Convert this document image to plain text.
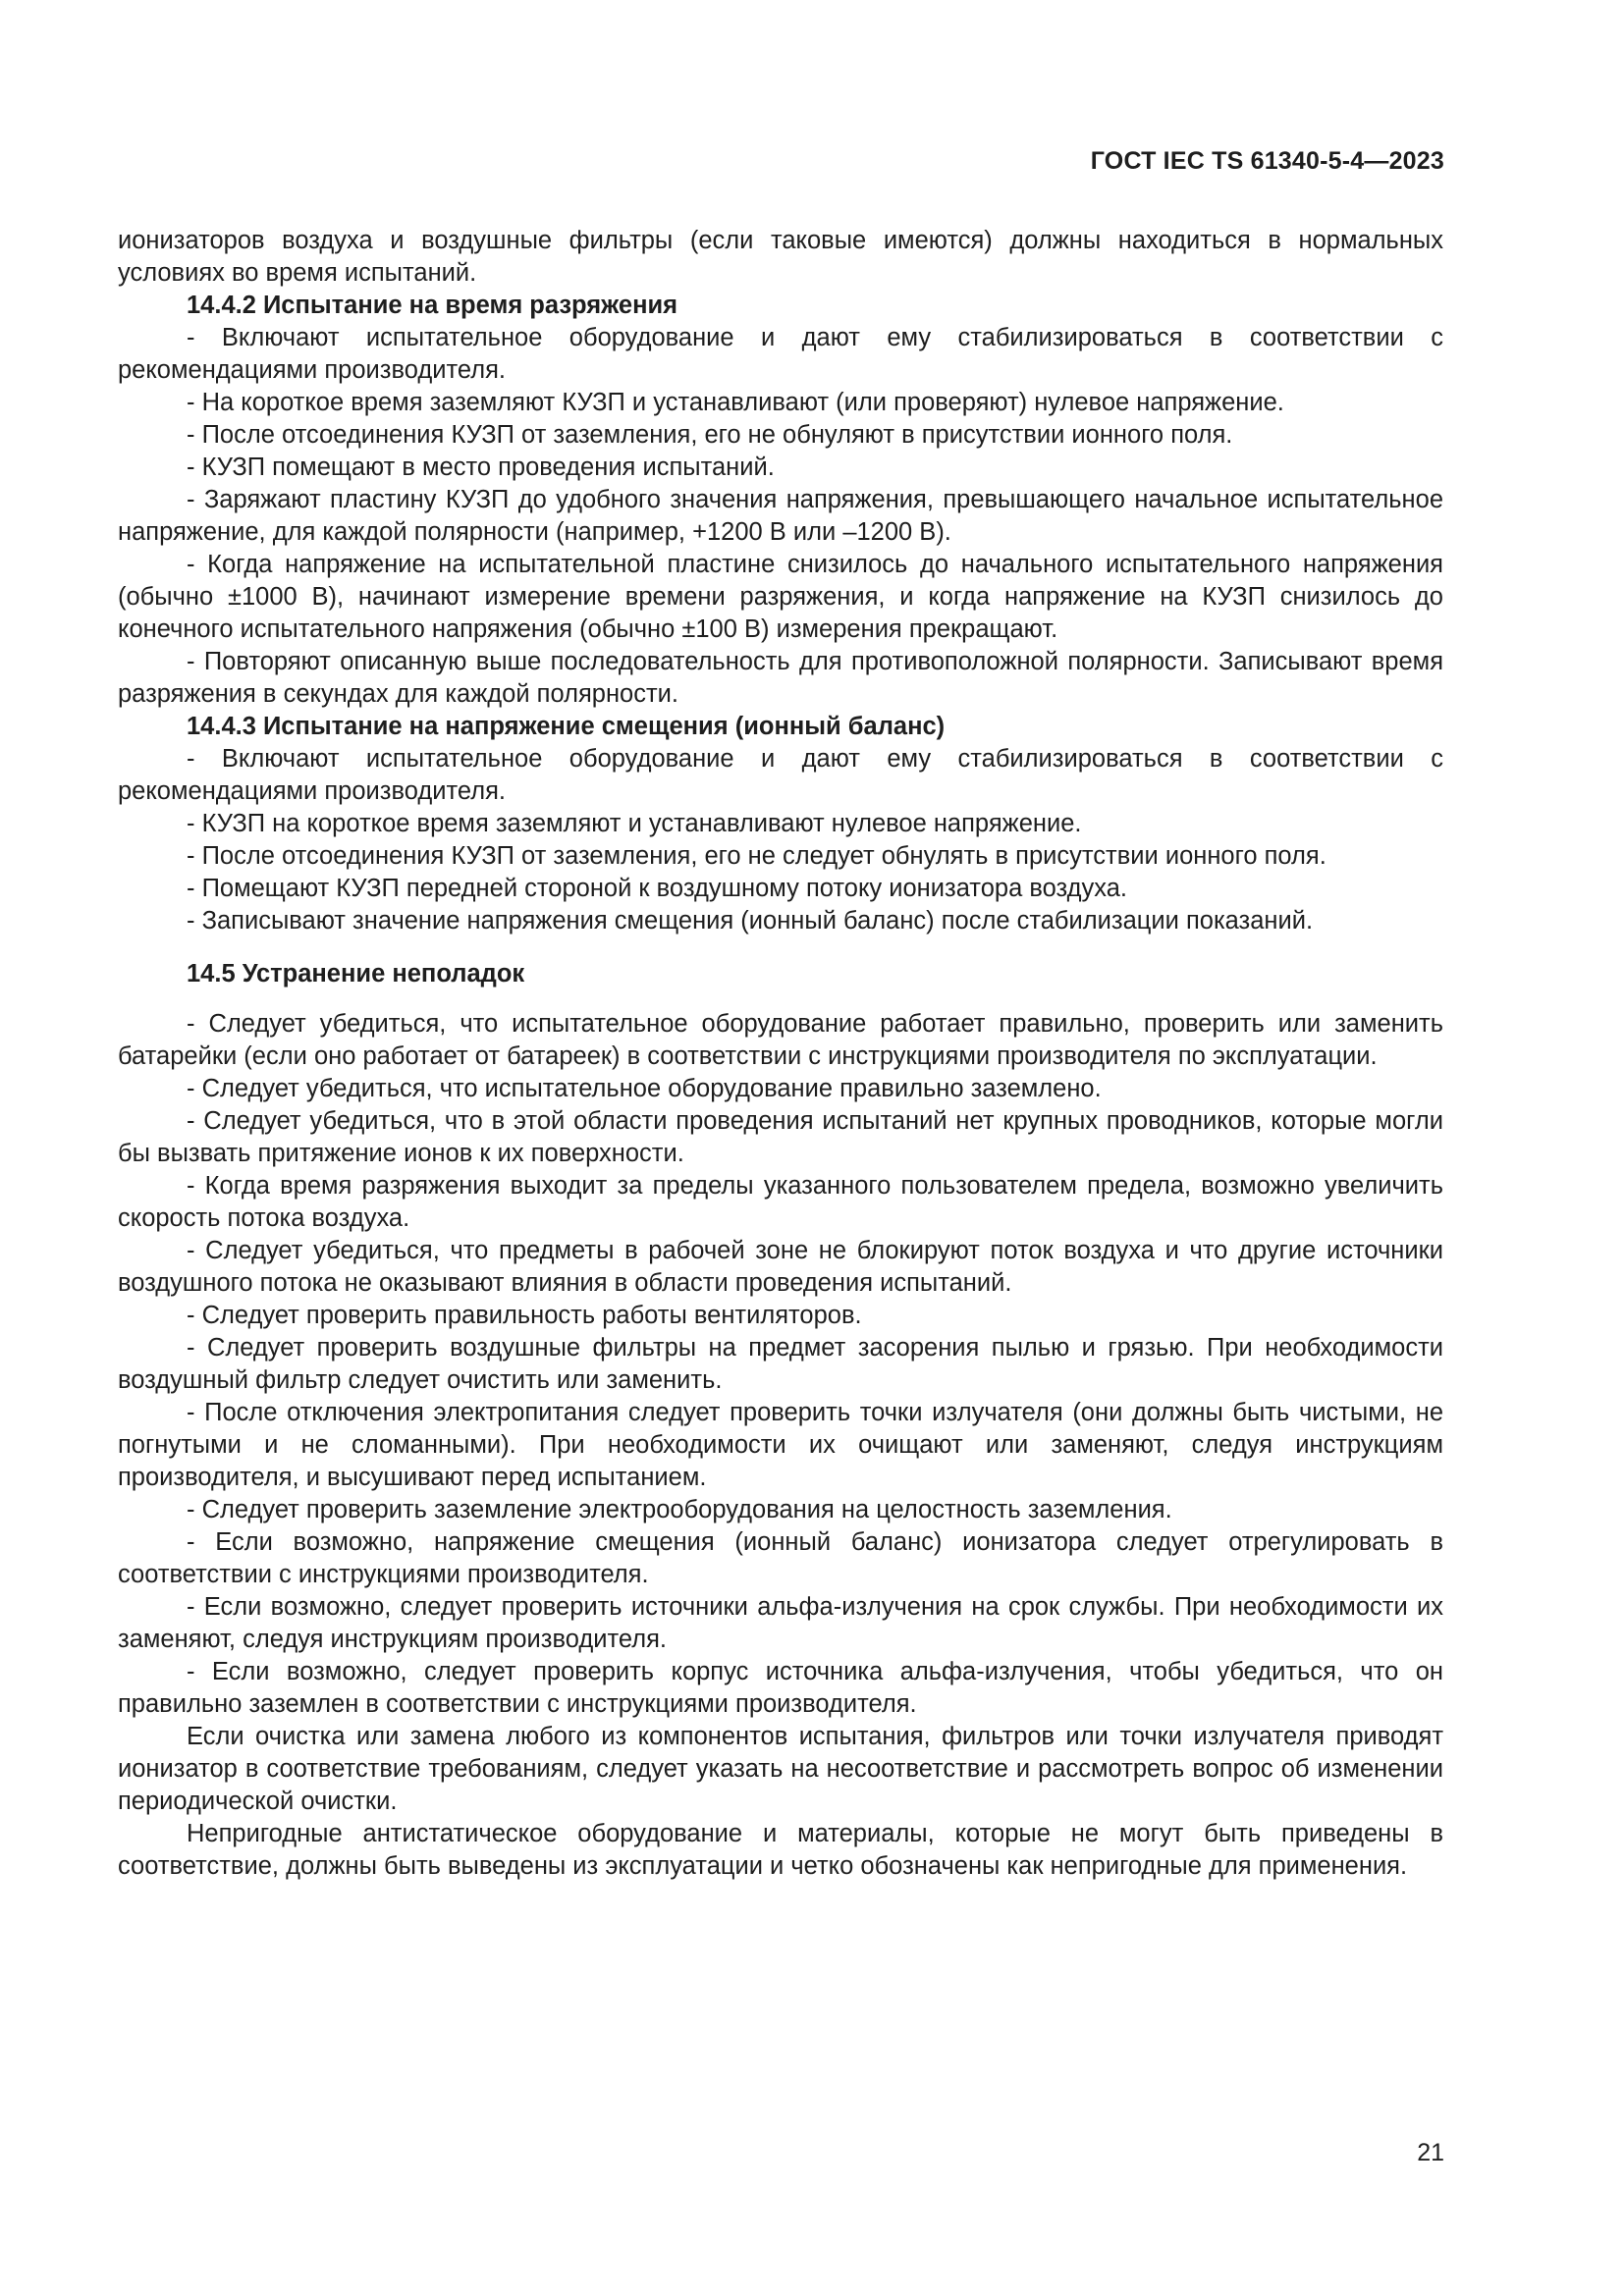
ГОСТ IEC TS 61340-5-4—2023

ионизаторов воздуха и воздушные фильтры (если таковые имеются) должны находиться в нормальных условиях во время испытаний.

14.4.2 Испытание на время разряжения

- Включают испытательное оборудование и дают ему стабилизироваться в соответствии с рекомендациями производителя.

- На короткое время заземляют КУЗП и устанавливают (или проверяют) нулевое напряжение.

- После отсоединения КУЗП от заземления, его не обнуляют в присутствии ионного поля.

- КУЗП помещают в место проведения испытаний.

- Заряжают пластину КУЗП до удобного значения напряжения, превышающего начальное испытательное напряжение, для каждой полярности (например, +1200 В или –1200 В).

- Когда напряжение на испытательной пластине снизилось до начального испытательного напряжения (обычно ±1000 В), начинают измерение времени разряжения, и когда напряжение на КУЗП снизилось до конечного испытательного напряжения (обычно ±100 В) измерения прекращают.

- Повторяют описанную выше последовательность для противоположной полярности. Записывают время разряжения в секундах для каждой полярности.

14.4.3 Испытание на напряжение смещения (ионный баланс)

- Включают испытательное оборудование и дают ему стабилизироваться в соответствии с рекомендациями производителя.

- КУЗП на короткое время заземляют и устанавливают нулевое напряжение.

- После отсоединения КУЗП от заземления, его не следует обнулять в присутствии ионного поля.

- Помещают КУЗП передней стороной к воздушному потоку ионизатора воздуха.

- Записывают значение напряжения смещения (ионный баланс) после стабилизации показаний.

14.5 Устранение неполадок

- Следует убедиться, что испытательное оборудование работает правильно, проверить или заменить батарейки (если оно работает от батареек) в соответствии с инструкциями производителя по эксплуатации.

- Следует убедиться, что испытательное оборудование правильно заземлено.

- Следует убедиться, что в этой области проведения испытаний нет крупных проводников, которые могли бы вызвать притяжение ионов к их поверхности.

- Когда время разряжения выходит за пределы указанного пользователем предела, возможно увеличить скорость потока воздуха.

- Следует убедиться, что предметы в рабочей зоне не блокируют поток воздуха и что другие источники воздушного потока не оказывают влияния в области проведения испытаний.

- Следует проверить правильность работы вентиляторов.

- Следует проверить воздушные фильтры на предмет засорения пылью и грязью. При необходимости воздушный фильтр следует очистить или заменить.

- После отключения электропитания следует проверить точки излучателя (они должны быть чистыми, не погнутыми и не сломанными). При необходимости их очищают или заменяют, следуя инструкциям производителя, и высушивают перед испытанием.

- Следует проверить заземление электрооборудования на целостность заземления.

- Если возможно, напряжение смещения (ионный баланс) ионизатора следует отрегулировать в соответствии с инструкциями производителя.

- Если возможно, следует проверить источники альфа-излучения на срок службы. При необходимости их заменяют, следуя инструкциям производителя.

- Если возможно, следует проверить корпус источника альфа-излучения, чтобы убедиться, что он правильно заземлен в соответствии с инструкциями производителя.

Если очистка или замена любого из компонентов испытания, фильтров или точки излучателя приводят ионизатор в соответствие требованиям, следует указать на несоответствие и рассмотреть вопрос об изменении периодической очистки.

Непригодные антистатическое оборудование и материалы, которые не могут быть приведены в соответствие, должны быть выведены из эксплуатации и четко обозначены как непригодные для применения.

21
